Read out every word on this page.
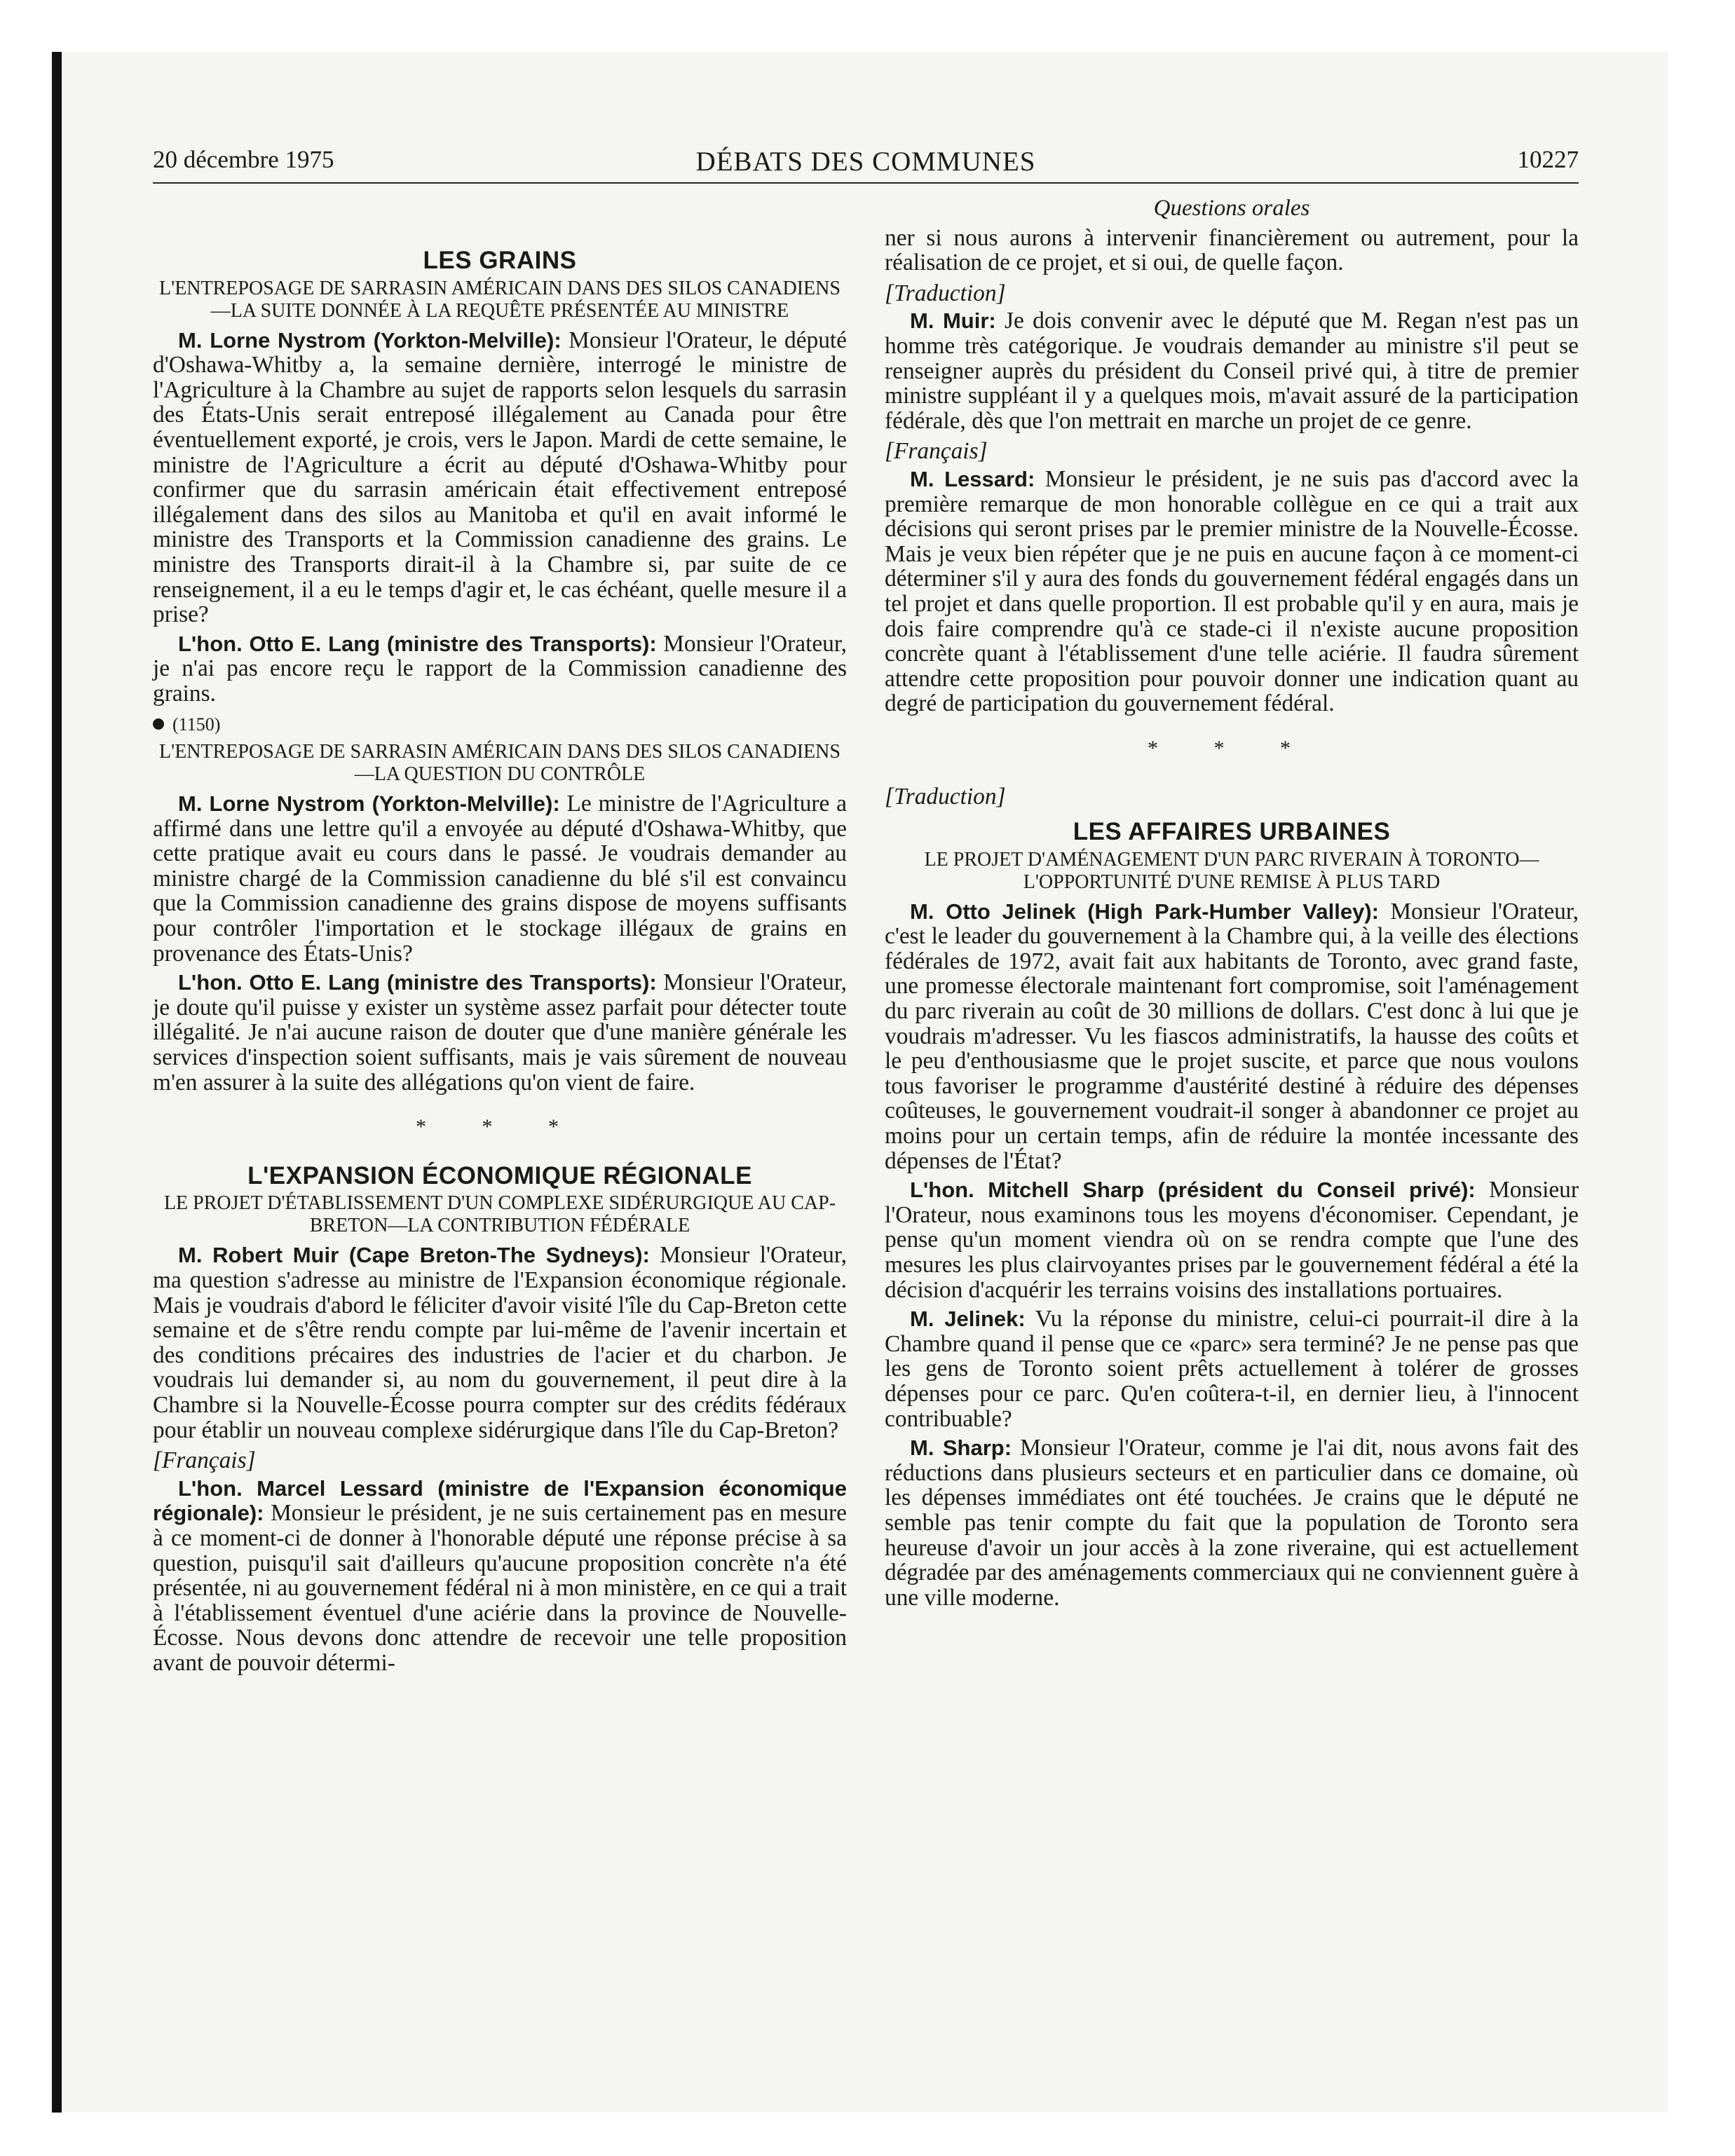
20 décembre 1975	DÉBATS DES COMMUNES	10227
LES GRAINS
L'ENTREPOSAGE DE SARRASIN AMÉRICAIN DANS DES SILOS CANADIENS—LA SUITE DONNÉE À LA REQUÊTE PRÉSENTÉE AU MINISTRE

M. Lorne Nystrom (Yorkton-Melville): Monsieur l'Orateur, le député d'Oshawa-Whitby a, la semaine dernière, interrogé le ministre de l'Agriculture à la Chambre au sujet de rapports selon lesquels du sarrasin des États-Unis serait entreposé illégalement au Canada pour être éventuellement exporté, je crois, vers le Japon. Mardi de cette semaine, le ministre de l'Agriculture a écrit au député d'Oshawa-Whitby pour confirmer que du sarrasin américain était effectivement entreposé illégalement dans des silos au Manitoba et qu'il en avait informé le ministre des Transports et la Commission canadienne des grains. Le ministre des Transports dirait-il à la Chambre si, par suite de ce renseignement, il a eu le temps d'agir et, le cas échéant, quelle mesure il a prise?

L'hon. Otto E. Lang (ministre des Transports): Monsieur l'Orateur, je n'ai pas encore reçu le rapport de la Commission canadienne des grains.

(1150)
L'ENTREPOSAGE DE SARRASIN AMÉRICAIN DANS DES SILOS CANADIENS—LA QUESTION DU CONTRÔLE

M. Lorne Nystrom (Yorkton-Melville): Le ministre de l'Agriculture a affirmé dans une lettre qu'il a envoyée au député d'Oshawa-Whitby, que cette pratique avait eu cours dans le passé. Je voudrais demander au ministre chargé de la Commission canadienne du blé s'il est convaincu que la Commission canadienne des grains dispose de moyens suffisants pour contrôler l'importation et le stockage illégaux de grains en provenance des États-Unis?

L'hon. Otto E. Lang (ministre des Transports): Monsieur l'Orateur, je doute qu'il puisse y exister un système assez parfait pour détecter toute illégalité. Je n'ai aucune raison de douter que d'une manière générale les services d'inspection soient suffisants, mais je vais sûrement de nouveau m'en assurer à la suite des allégations qu'on vient de faire.

* * *
L'EXPANSION ÉCONOMIQUE RÉGIONALE
LE PROJET D'ÉTABLISSEMENT D'UN COMPLEXE SIDÉRURGIQUE AU CAP-BRETON—LA CONTRIBUTION FÉDÉRALE

M. Robert Muir (Cape Breton-The Sydneys): Monsieur l'Orateur, ma question s'adresse au ministre de l'Expansion économique régionale. Mais je voudrais d'abord le féliciter d'avoir visité l'île du Cap-Breton cette semaine et de s'être rendu compte par lui-même de l'avenir incertain et des conditions précaires des industries de l'acier et du charbon. Je voudrais lui demander si, au nom du gouvernement, il peut dire à la Chambre si la Nouvelle-Écosse pourra compter sur des crédits fédéraux pour établir un nouveau complexe sidérurgique dans l'île du Cap-Breton?

[Français]

L'hon. Marcel Lessard (ministre de l'Expansion économique régionale): Monsieur le président, je ne suis certainement pas en mesure à ce moment-ci de donner à l'honorable député une réponse précise à sa question, puisqu'il sait d'ailleurs qu'aucune proposition concrète n'a été présentée, ni au gouvernement fédéral ni à mon ministère, en ce qui a trait à l'établissement éventuel d'une aciérie dans la province de Nouvelle-Écosse. Nous devons donc attendre de recevoir une telle proposition avant de pouvoir détermi-

Questions orales

ner si nous aurons à intervenir financièrement ou autrement, pour la réalisation de ce projet, et si oui, de quelle façon.

[Traduction]

M. Muir: Je dois convenir avec le député que M. Regan n'est pas un homme très catégorique. Je voudrais demander au ministre s'il peut se renseigner auprès du président du Conseil privé qui, à titre de premier ministre suppléant il y a quelques mois, m'avait assuré de la participation fédérale, dès que l'on mettrait en marche un projet de ce genre.

[Français]

M. Lessard: Monsieur le président, je ne suis pas d'accord avec la première remarque de mon honorable collègue en ce qui a trait aux décisions qui seront prises par le premier ministre de la Nouvelle-Écosse. Mais je veux bien répéter que je ne puis en aucune façon à ce moment-ci déterminer s'il y aura des fonds du gouvernement fédéral engagés dans un tel projet et dans quelle proportion. Il est probable qu'il y en aura, mais je dois faire comprendre qu'à ce stade-ci il n'existe aucune proposition concrète quant à l'établissement d'une telle aciérie. Il faudra sûrement attendre cette proposition pour pouvoir donner une indication quant au degré de participation du gouvernement fédéral.

* * *
[Traduction]
LES AFFAIRES URBAINES
LE PROJET D'AMÉNAGEMENT D'UN PARC RIVERAIN À TORONTO—L'OPPORTUNITÉ D'UNE REMISE À PLUS TARD

M. Otto Jelinek (High Park-Humber Valley): Monsieur l'Orateur, c'est le leader du gouvernement à la Chambre qui, à la veille des élections fédérales de 1972, avait fait aux habitants de Toronto, avec grand faste, une promesse électorale maintenant fort compromise, soit l'aménagement du parc riverain au coût de 30 millions de dollars. C'est donc à lui que je voudrais m'adresser. Vu les fiascos administratifs, la hausse des coûts et le peu d'enthousiasme que le projet suscite, et parce que nous voulons tous favoriser le programme d'austérité destiné à réduire des dépenses coûteuses, le gouvernement voudrait-il songer à abandonner ce projet au moins pour un certain temps, afin de réduire la montée incessante des dépenses de l'État?

L'hon. Mitchell Sharp (président du Conseil privé): Monsieur l'Orateur, nous examinons tous les moyens d'économiser. Cependant, je pense qu'un moment viendra où on se rendra compte que l'une des mesures les plus clairvoyantes prises par le gouvernement fédéral a été la décision d'acquérir les terrains voisins des installations portuaires.

M. Jelinek: Vu la réponse du ministre, celui-ci pourrait-il dire à la Chambre quand il pense que ce «parc» sera terminé? Je ne pense pas que les gens de Toronto soient prêts actuellement à tolérer de grosses dépenses pour ce parc. Qu'en coûtera-t-il, en dernier lieu, à l'innocent contribuable?

M. Sharp: Monsieur l'Orateur, comme je l'ai dit, nous avons fait des réductions dans plusieurs secteurs et en particulier dans ce domaine, où les dépenses immédiates ont été touchées. Je crains que le député ne semble pas tenir compte du fait que la population de Toronto sera heureuse d'avoir un jour accès à la zone riveraine, qui est actuellement dégradée par des aménagements commerciaux qui ne conviennent guère à une ville moderne.
